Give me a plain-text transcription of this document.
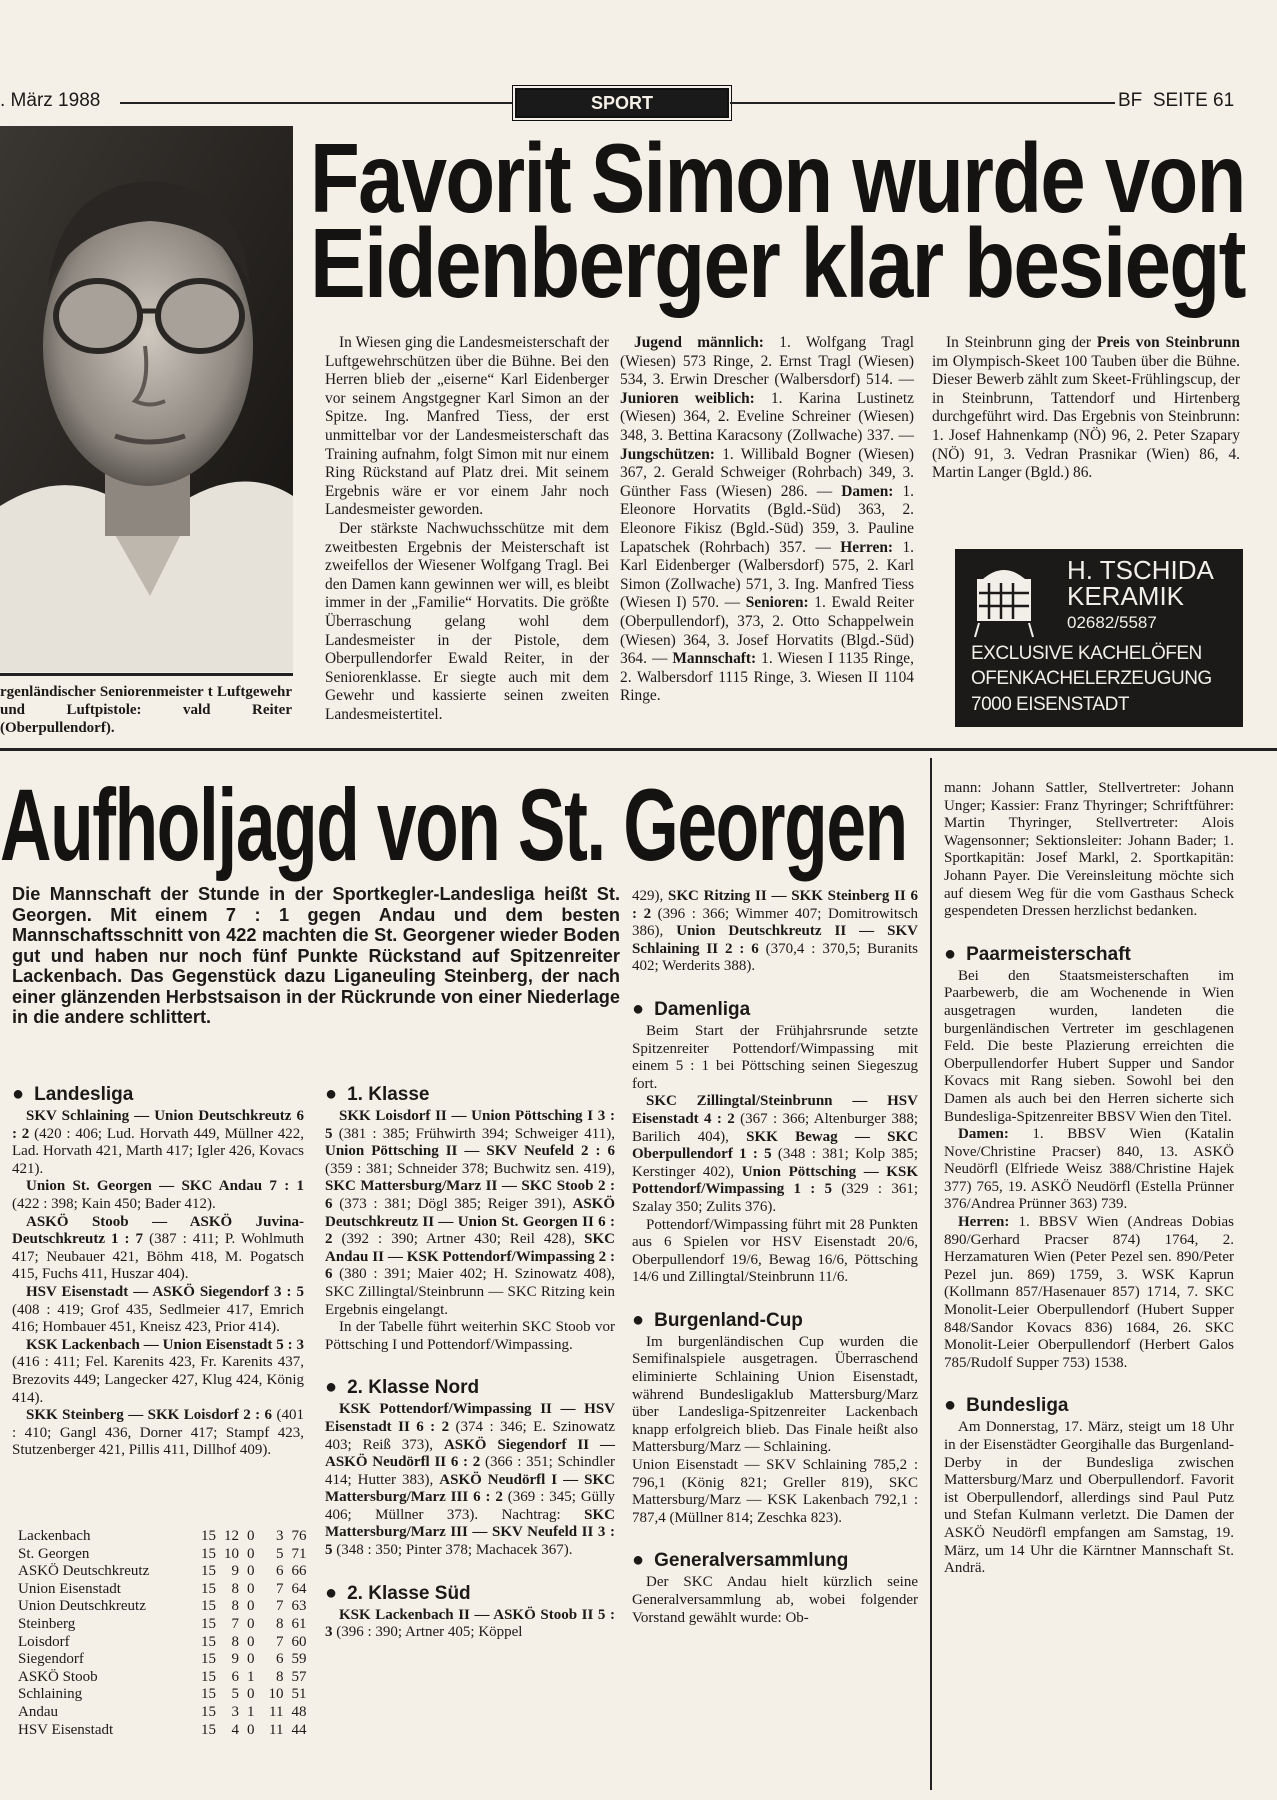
. März 1988	SPORT	BF  SEITE 61
rgenländischer Seniorenmeister t Luftgewehr und Luftpistole: vald Reiter (Oberpullendorf).
Favorit Simon wurde von
Eidenberger klar besiegt

In Wiesen ging die Landesmeisterschaft der Luftgewehrschützen über die Bühne. Bei den Herren blieb der „eiserne“ Karl Eidenberger vor seinem Angstgegner Karl Simon an der Spitze. Ing. Manfred Tiess, der erst unmittelbar vor der Landesmeisterschaft das Training aufnahm, folgt Simon mit nur einem Ring Rückstand auf Platz drei. Mit seinem Ergebnis wäre er vor einem Jahr noch Landesmeister geworden.

Der stärkste Nachwuchsschütze mit dem zweitbesten Ergebnis der Meisterschaft ist zweifellos der Wiesener Wolfgang Tragl. Bei den Damen kann gewinnen wer will, es bleibt immer in der „Familie“ Horvatits. Die größte Überraschung gelang wohl dem Landesmeister in der Pistole, dem Oberpullendorfer Ewald Reiter, in der Seniorenklasse. Er siegte auch mit dem Gewehr und kassierte seinen zweiten Landesmeistertitel.

Jugend männlich: 1. Wolfgang Tragl (Wiesen) 573 Ringe, 2. Ernst Tragl (Wiesen) 534, 3. Erwin Drescher (Walbersdorf) 514. — Junioren weiblich: 1. Karina Lustinetz (Wiesen) 364, 2. Eveline Schreiner (Wiesen) 348, 3. Bettina Karacsony (Zollwache) 337. — Jungschützen: 1. Willibald Bogner (Wiesen) 367, 2. Gerald Schweiger (Rohrbach) 349, 3. Günther Fass (Wiesen) 286. — Damen: 1. Eleonore Horvatits (Bgld.-Süd) 363, 2. Eleonore Fikisz (Bgld.-Süd) 359, 3. Pauline Lapatschek (Rohrbach) 357. — Herren: 1. Karl Eidenberger (Walbersdorf) 575, 2. Karl Simon (Zollwache) 571, 3. Ing. Manfred Tiess (Wiesen I) 570. — Senioren: 1. Ewald Reiter (Oberpullendorf), 373, 2. Otto Schappelwein (Wiesen) 364, 3. Josef Horvatits (Blgd.-Süd) 364. — Mannschaft: 1. Wiesen I 1135 Ringe, 2. Walbersdorf 1115 Ringe, 3. Wiesen II 1104 Ringe.

In Steinbrunn ging der Preis von Steinbrunn im Olympisch-Skeet 100 Tauben über die Bühne. Dieser Bewerb zählt zum Skeet-Frühlingscup, der in Steinbrunn, Tattendorf und Hirtenberg durchgeführt wird. Das Ergebnis von Steinbrunn: 1. Josef Hahnenkamp (NÖ) 96, 2. Peter Szapary (NÖ) 91, 3. Vedran Prasnikar (Wien) 86, 4. Martin Langer (Bgld.) 86.

H. TSCHIDA
KERAMIK
02682/5587
EXCLUSIVE KACHELÖFEN
OFENKACHELERZEUGUNG
7000 EISENSTADT
Aufholjagd von St. Georgen
Die Mannschaft der Stunde in der Sportkegler-Landesliga heißt St. Georgen. Mit einem 7 : 1 gegen Andau und dem besten Mannschaftsschnitt von 422 machten die St. Georgener wieder Boden gut und haben nur noch fünf Punkte Rückstand auf Spitzenreiter Lackenbach. Das Gegenstück dazu Liganeuling Steinberg, der nach einer glänzenden Herbstsaison in der Rückrunde von einer Niederlage in die andere schlittert.
● Landesliga

SKV Schlaining — Union Deutschkreutz 6 : 2 (420 : 406; Lud. Horvath 449, Müllner 422, Lad. Horvath 421, Marth 417; Igler 426, Kovacs 421).

Union St. Georgen — SKC Andau 7 : 1 (422 : 398; Kain 450; Bader 412).

ASKÖ Stoob — ASKÖ Juvina-Deutschkreutz 1 : 7 (387 : 411; P. Wohlmuth 417; Neubauer 421, Böhm 418, M. Pogatsch 415, Fuchs 411, Huszar 404).

HSV Eisenstadt — ASKÖ Siegendorf 3 : 5 (408 : 419; Grof 435, Sedlmeier 417, Emrich 416; Hombauer 451, Kneisz 423, Prior 414).

KSK Lackenbach — Union Eisenstadt 5 : 3 (416 : 411; Fel. Karenits 423, Fr. Karenits 437, Brezovits 449; Langecker 427, Klug 424, König 414).

SKK Steinberg — SKK Loisdorf 2 : 6 (401 : 410; Gangl 436, Dorner 417; Stampf 423, Stutzenberger 421, Pillis 411, Dillhof 409).

Lackenbach	15	12	0	3	76
St. Georgen	15	10	0	5	71
ASKÖ Deutschkreutz	15	9	0	6	66
Union Eisenstadt	15	8	0	7	64
Union Deutschkreutz	15	8	0	7	63
Steinberg	15	7	0	8	61
Loisdorf	15	8	0	7	60
Siegendorf	15	9	0	6	59
ASKÖ Stoob	15	6	1	8	57
Schlaining	15	5	0	10	51
Andau	15	3	1	11	48
HSV Eisenstadt	15	4	0	11	44
● 1. Klasse

SKK Loisdorf II — Union Pöttsching I 3 : 5 (381 : 385; Frühwirth 394; Schweiger 411), Union Pöttsching II — SKV Neufeld 2 : 6 (359 : 381; Schneider 378; Buchwitz sen. 419), SKC Mattersburg/Marz II — SKC Stoob 2 : 6 (373 : 381; Dögl 385; Reiger 391), ASKÖ Deutschkreutz II — Union St. Georgen II 6 : 2 (392 : 390; Artner 430; Reil 428), SKC Andau II — KSK Pottendorf/Wimpassing 2 : 6 (380 : 391; Maier 402; H. Szinowatz 408), SKC Zillingtal/Steinbrunn — SKC Ritzing kein Ergebnis eingelangt.

In der Tabelle führt weiterhin SKC Stoob vor Pöttsching I und Pottendorf/Wimpassing.

● 2. Klasse Nord

KSK Pottendorf/Wimpassing II — HSV Eisenstadt II 6 : 2 (374 : 346; E. Szinowatz 403; Reiß 373), ASKÖ Siegendorf II — ASKÖ Neudörfl II 6 : 2 (366 : 351; Schindler 414; Hutter 383), ASKÖ Neudörfl I — SKC Mattersburg/Marz III 6 : 2 (369 : 345; Gülly 406; Müllner 373). Nachtrag: SKC Mattersburg/Marz III — SKV Neufeld II 3 : 5 (348 : 350; Pinter 378; Machacek 367).

● 2. Klasse Süd

KSK Lackenbach II — ASKÖ Stoob II 5 : 3 (396 : 390; Artner 405; Köppel

429), SKC Ritzing II — SKK Steinberg II 6 : 2 (396 : 366; Wimmer 407; Domitrowitsch 386), Union Deutschkreutz II — SKV Schlaining II 2 : 6 (370,4 : 370,5; Buranits 402; Werderits 388).

● Damenliga

Beim Start der Frühjahrsrunde setzte Spitzenreiter Pottendorf/Wimpassing mit einem 5 : 1 bei Pöttsching seinen Siegeszug fort.

SKC Zillingtal/Steinbrunn — HSV Eisenstadt 4 : 2 (367 : 366; Altenburger 388; Barilich 404), SKK Bewag — SKC Oberpullendorf 1 : 5 (348 : 381; Kolp 385; Kerstinger 402), Union Pöttsching — KSK Pottendorf/Wimpassing 1 : 5 (329 : 361; Szalay 350; Zulits 376).

Pottendorf/Wimpassing führt mit 28 Punkten aus 6 Spielen vor HSV Eisenstadt 20/6, Oberpullendorf 19/6, Bewag 16/6, Pöttsching 14/6 und Zillingtal/Steinbrunn 11/6.

● Burgenland-Cup

Im burgenländischen Cup wurden die Semifinalspiele ausgetragen. Überraschend eliminierte Schlaining Union Eisenstadt, während Bundesligaklub Mattersburg/Marz über Landesliga-Spitzenreiter Lackenbach knapp erfolgreich blieb. Das Finale heißt also Mattersburg/Marz — Schlaining.

Union Eisenstadt — SKV Schlaining 785,2 : 796,1 (König 821; Greller 819), SKC Mattersburg/Marz — KSK Lakenbach 792,1 : 787,4 (Müllner 814; Zeschka 823).

● Generalversammlung

Der SKC Andau hielt kürzlich seine Generalversammlung ab, wobei folgender Vorstand gewählt wurde: Ob-

mann: Johann Sattler, Stellvertreter: Johann Unger; Kassier: Franz Thyringer; Schriftführer: Martin Thyringer, Stellvertreter: Alois Wagensonner; Sektionsleiter: Johann Bader; 1. Sportkapitän: Josef Markl, 2. Sportkapitän: Johann Payer. Die Vereinsleitung möchte sich auf diesem Weg für die vom Gasthaus Scheck gespendeten Dressen herzlichst bedanken.

● Paarmeisterschaft

Bei den Staatsmeisterschaften im Paarbewerb, die am Wochenende in Wien ausgetragen wurden, landeten die burgenländischen Vertreter im geschlagenen Feld. Die beste Plazierung erreichten die Oberpullendorfer Hubert Supper und Sandor Kovacs mit Rang sieben. Sowohl bei den Damen als auch bei den Herren sicherte sich Bundesliga-Spitzenreiter BBSV Wien den Titel.

Damen: 1. BBSV Wien (Katalin Nove/Christine Pracser) 840, 13. ASKÖ Neudörfl (Elfriede Weisz 388/Christine Hajek 377) 765, 19. ASKÖ Neudörfl (Estella Prünner 376/Andrea Prünner 363) 739.

Herren: 1. BBSV Wien (Andreas Dobias 890/Gerhard Pracser 874) 1764, 2. Herzamaturen Wien (Peter Pezel sen. 890/Peter Pezel jun. 869) 1759, 3. WSK Kaprun (Kollmann 857/Hasenauer 857) 1714, 7. SKC Monolit-Leier Oberpullendorf (Hubert Supper 848/Sandor Kovacs 836) 1684, 26. SKC Monolit-Leier Oberpullendorf (Herbert Galos 785/Rudolf Supper 753) 1538.

● Bundesliga

Am Donnerstag, 17. März, steigt um 18 Uhr in der Eisenstädter Georgihalle das Burgenland-Derby in der Bundesliga zwischen Mattersburg/Marz und Oberpullendorf. Favorit ist Oberpullendorf, allerdings sind Paul Putz und Stefan Kulmann verletzt. Die Damen der ASKÖ Neudörfl empfangen am Samstag, 19. März, um 14 Uhr die Kärntner Mannschaft St. Andrä.
